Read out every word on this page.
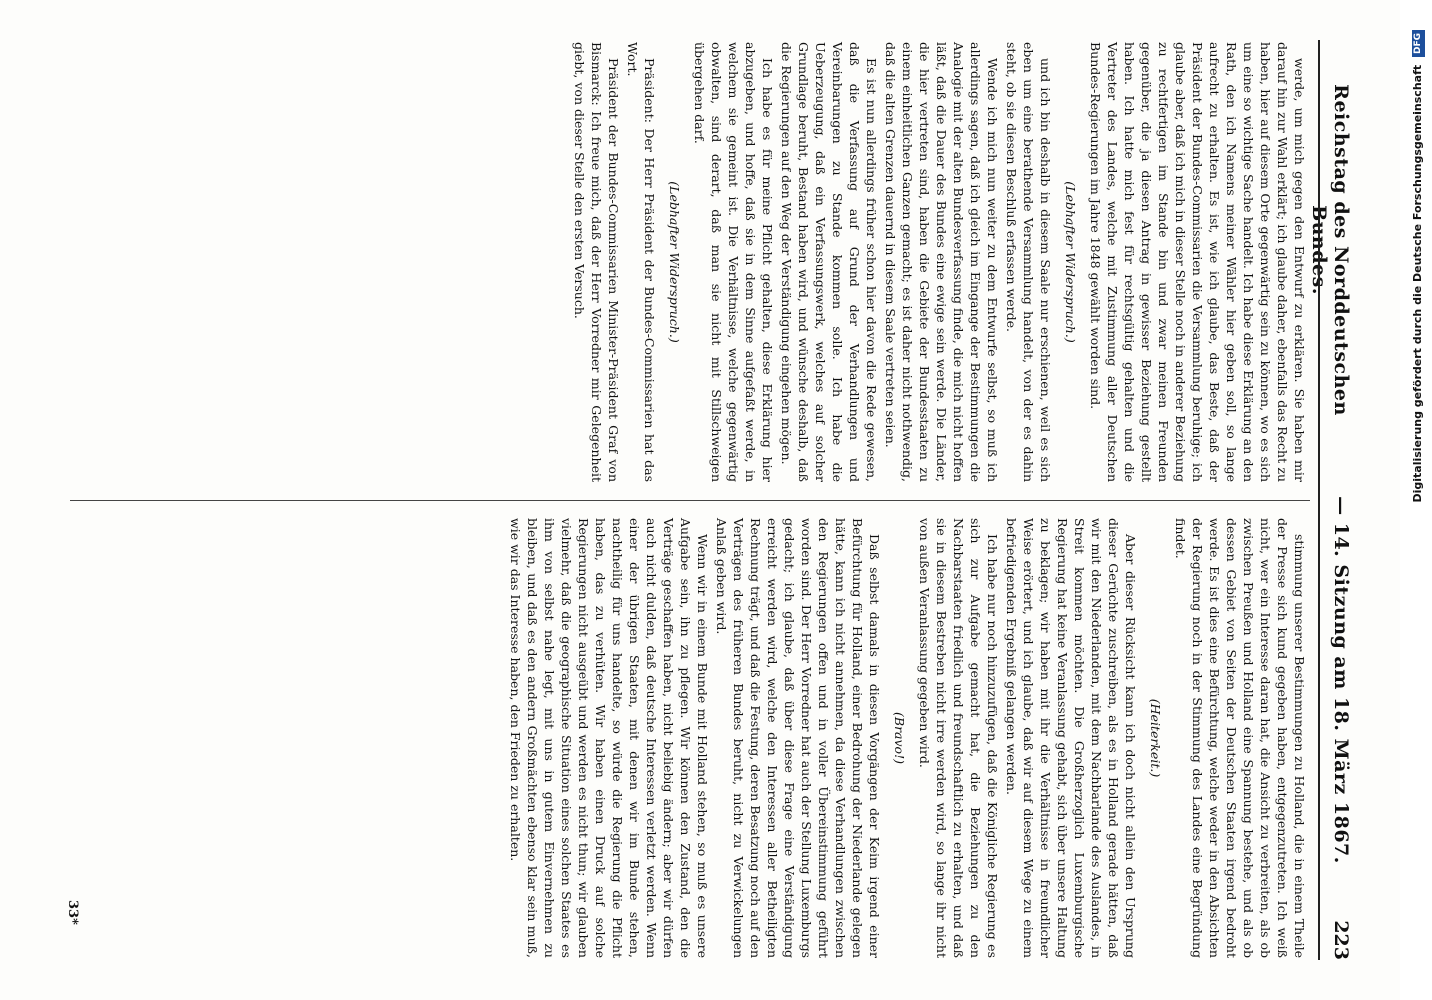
Reichstag des Norddeutschen Bundes.
— 14. Sitzung am 18. März 1867.
223

werde, um mich gegen den Entwurf zu erklären. Sie haben mir darauf hin zur Wahl erklärt; ich glaube daher, ebenfalls das Recht zu haben, hier auf diesem Orte gegenwärtig sein zu können, wo es sich um eine so wichtige Sache handelt. Ich habe diese Erklärung an den Rath, den ich Namens meiner Wähler hier geben soll, so lange aufrecht zu erhalten. Es ist, wie ich glaube, das Beste, daß der Präsident der Bundes-Commissarien die Versammlung beruhige; ich glaube aber, daß ich mich in dieser Stelle noch in anderer Beziehung zu rechtfertigen im Stande bin und zwar meinen Freunden gegenüber, die ja diesen Antrag in gewisser Beziehung gestellt haben. Ich hatte mich fest für rechtsgültig gehalten und die Vertreter des Landes, welche mit Zustimmung aller Deutschen Bundes-Regierungen im Jahre 1848 gewählt worden sind.

(Lebhafter Widerspruch.)

und ich bin deshalb in diesem Saale nur erschienen, weil es sich eben um eine berathende Versammlung handelt, von der es dahin steht, ob sie diesen Beschluß erfassen werde.

Wende ich mich nun weiter zu dem Entwurfe selbst, so muß ich allerdings sagen, daß ich gleich im Eingange der Bestimmungen die Analogie mit der alten Bundesverfassung finde, die mich nicht hoffen läßt, daß die Dauer des Bundes eine ewige sein werde. Die Länder, die hier vertreten sind, haben die Gebiete der Bundesstaaten zu einem einheitlichen Ganzen gemacht; es ist daher nicht nothwendig, daß die alten Grenzen dauernd in diesem Saale vertreten seien.

Es ist nun allerdings früher schon hier davon die Rede gewesen, daß die Verfassung auf Grund der Verhandlungen und Vereinbarungen zu Stande kommen solle. Ich habe die Ueberzeugung, daß ein Verfassungswerk, welches auf solcher Grundlage beruht, Bestand haben wird, und wünsche deshalb, daß die Regierungen auf den Weg der Verständigung eingehen mögen.

Ich habe es für meine Pflicht gehalten, diese Erklärung hier abzugeben, und hoffe, daß sie in dem Sinne aufgefaßt werde, in welchem sie gemeint ist. Die Verhältnisse, welche gegenwärtig obwalten, sind derart, daß man sie nicht mit Stillschweigen übergehen darf.

(Lebhafter Widerspruch.)

Präsident: Der Herr Präsident der Bundes-Commissarien hat das Wort.

Präsident der Bundes-Commissarien Minister-Präsident Graf von Bismarck: Ich freue mich, daß der Herr Vorredner mir Gelegenheit giebt, von dieser Stelle den ersten Versuch.

stimmung unserer Bestimmungen zu Holland, die in einem Theile der Presse sich kund gegeben haben, entgegenzutreten. Ich weiß nicht, wer ein Interesse daran hat, die Ansicht zu verbreiten, als ob zwischen Preußen und Holland eine Spannung bestehe, und als ob dessen Gebiet von Seiten der Deutschen Staaten irgend bedroht werde. Es ist dies eine Befürchtung, welche weder in den Absichten der Regierung noch in der Stimmung des Landes eine Begründung findet.

(Heiterkeit.)

Aber dieser Rücksicht kann ich doch nicht allein den Ursprung dieser Gerüchte zuschreiben, als es in Holland gerade hätten, daß wir mit den Niederlanden, mit dem Nachbarlande des Auslandes, in Streit kommen möchten. Die Großherzoglich Luxemburgische Regierung hat keine Veranlassung gehabt, sich über unsere Haltung zu beklagen; wir haben mit ihr die Verhältnisse in freundlicher Weise erörtert, und ich glaube, daß wir auf diesem Wege zu einem befriedigenden Ergebniß gelangen werden.

Ich habe nur noch hinzuzufügen, daß die Königliche Regierung es sich zur Aufgabe gemacht hat, die Beziehungen zu den Nachbarstaaten friedlich und freundschaftlich zu erhalten, und daß sie in diesem Bestreben nicht irre werden wird, so lange ihr nicht von außen Veranlassung gegeben wird.

(Bravo!)

Daß selbst damals in diesen Vorgängen der Keim irgend einer Befürchtung für Holland, einer Bedrohung der Niederlande gelegen hätte, kann ich nicht annehmen, da diese Verhandlungen zwischen den Regierungen offen und in voller Übereinstimmung geführt worden sind. Der Herr Vorredner hat auch der Stellung Luxemburgs gedacht; ich glaube, daß über diese Frage eine Verständigung erreicht werden wird, welche den Interessen aller Betheiligten Rechnung trägt, und daß die Festung, deren Besatzung noch auf den Verträgen des früheren Bundes beruht, nicht zu Verwickelungen Anlaß geben wird.

Wenn wir in einem Bunde mit Holland stehen, so muß es unsere Aufgabe sein, ihn zu pflegen. Wir können den Zustand, den die Verträge geschaffen haben, nicht beliebig ändern; aber wir dürfen auch nicht dulden, daß deutsche Interessen verletzt werden. Wenn einer der übrigen Staaten, mit denen wir im Bunde stehen, nachtheilig für uns handelte, so würde die Regierung die Pflicht haben, das zu verhüten. Wir haben einen Druck auf solche Regierungen nicht ausgeübt und werden es nicht thun; wir glauben vielmehr, daß die geographische Situation eines solchen Staates es ihm von selbst nahe legt, mit uns in gutem Einvernehmen zu bleiben, und daß es den andern Großmächten ebenso klar sein muß, wie wir das Interesse haben, den Frieden zu erhalten.

33*
Digitalisierung gefördert durch die Deutsche Forschungsgemeinschaft DFG
